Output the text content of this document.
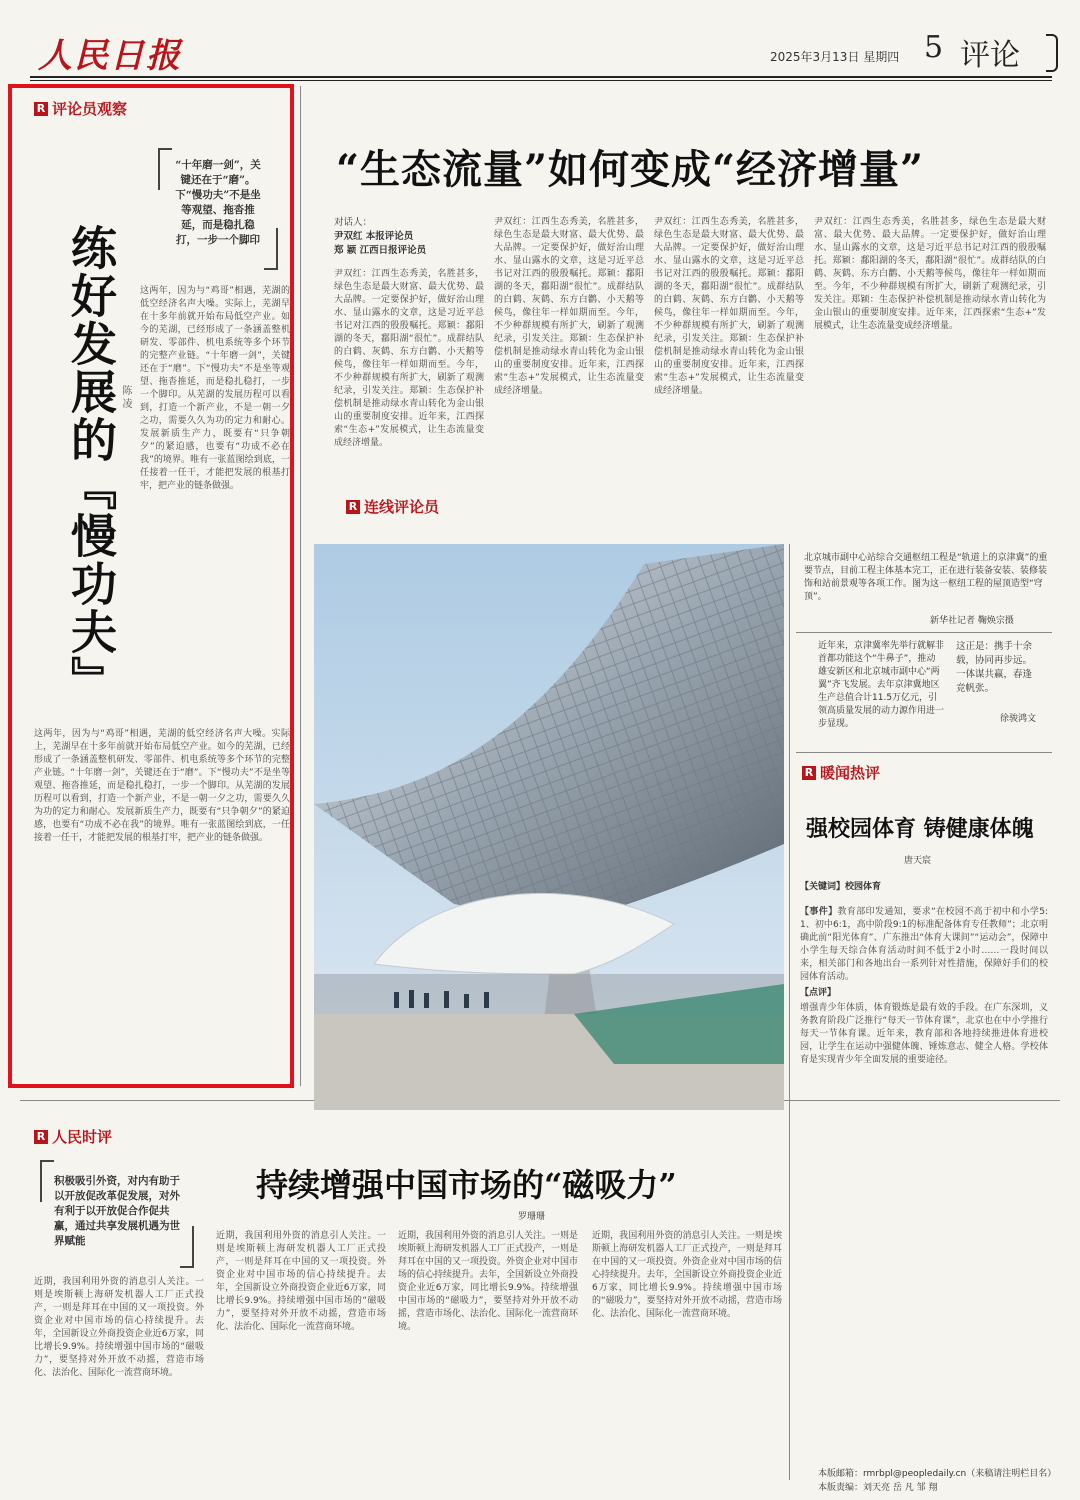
人民日报	2025年3月13日 星期四 5 评论
R 评论员观察
练好发展的『慢功夫』 陈 凌
“十年磨一剑”，关键还在于“磨”。下“慢功夫”不是坐等观望、拖沓推延，而是稳扎稳打，一步一个脚印
这两年，因为与“鸡哥”相遇，芜湖的低空经济名声大噪。实际上，芜湖早在十多年前就开始布局低空产业。如今的芜湖，已经形成了一条涵盖整机研发、零部件、机电系统等多个环节的完整产业链。“十年磨一剑”，关键还在于“磨”。下“慢功夫”不是坐等观望、拖沓推延，而是稳扎稳打，一步一个脚印。从芜湖的发展历程可以看到，打造一个新产业，不是一朝一夕之功，需要久久为功的定力和耐心。发展新质生产力，既要有“只争朝夕”的紧迫感，也要有“功成不必在我”的境界。唯有一张蓝图绘到底，一任接着一任干，才能把发展的根基打牢，把产业的链条做强。
这两年，因为与“鸡哥”相遇，芜湖的低空经济名声大噪。实际上，芜湖早在十多年前就开始布局低空产业。如今的芜湖，已经形成了一条涵盖整机研发、零部件、机电系统等多个环节的完整产业链。“十年磨一剑”，关键还在于“磨”。下“慢功夫”不是坐等观望、拖沓推延，而是稳扎稳打，一步一个脚印。从芜湖的发展历程可以看到，打造一个新产业，不是一朝一夕之功，需要久久为功的定力和耐心。发展新质生产力，既要有“只争朝夕”的紧迫感，也要有“功成不必在我”的境界。唯有一张蓝图绘到底，一任接着一任干，才能把发展的根基打牢，把产业的链条做强。
“生态流量”如何变成“经济增量”
对话人：
尹双红 本报评论员
郑 颖 江西日报评论员
尹双红：江西生态秀美，名胜甚多，绿色生态是最大财富、最大优势、最大品牌。一定要保护好，做好治山理水、显山露水的文章，这是习近平总书记对江西的殷殷嘱托。郑颖：鄱阳湖的冬天，鄱阳湖“很忙”。成群结队的白鹤、灰鹤、东方白鹳、小天鹅等候鸟，像往年一样如期而至。今年，不少种群规模有所扩大，刷新了观测纪录，引发关注。郑颖：生态保护补偿机制是推动绿水青山转化为金山银山的重要制度安排。近年来，江西探索“生态+”发展模式，让生态流量变成经济增量。
尹双红：江西生态秀美，名胜甚多，绿色生态是最大财富、最大优势、最大品牌。一定要保护好，做好治山理水、显山露水的文章，这是习近平总书记对江西的殷殷嘱托。郑颖：鄱阳湖的冬天，鄱阳湖“很忙”。成群结队的白鹤、灰鹤、东方白鹳、小天鹅等候鸟，像往年一样如期而至。今年，不少种群规模有所扩大，刷新了观测纪录，引发关注。郑颖：生态保护补偿机制是推动绿水青山转化为金山银山的重要制度安排。近年来，江西探索“生态+”发展模式，让生态流量变成经济增量。
尹双红：江西生态秀美，名胜甚多，绿色生态是最大财富、最大优势、最大品牌。一定要保护好，做好治山理水、显山露水的文章，这是习近平总书记对江西的殷殷嘱托。郑颖：鄱阳湖的冬天，鄱阳湖“很忙”。成群结队的白鹤、灰鹤、东方白鹳、小天鹅等候鸟，像往年一样如期而至。今年，不少种群规模有所扩大，刷新了观测纪录，引发关注。郑颖：生态保护补偿机制是推动绿水青山转化为金山银山的重要制度安排。近年来，江西探索“生态+”发展模式，让生态流量变成经济增量。
尹双红：江西生态秀美，名胜甚多，绿色生态是最大财富、最大优势、最大品牌。一定要保护好，做好治山理水、显山露水的文章，这是习近平总书记对江西的殷殷嘱托。郑颖：鄱阳湖的冬天，鄱阳湖“很忙”。成群结队的白鹤、灰鹤、东方白鹳、小天鹅等候鸟，像往年一样如期而至。今年，不少种群规模有所扩大，刷新了观测纪录，引发关注。郑颖：生态保护补偿机制是推动绿水青山转化为金山银山的重要制度安排。近年来，江西探索“生态+”发展模式，让生态流量变成经济增量。
R 连线评论员
北京城市副中心站综合交通枢纽工程是“轨道上的京津冀”的重要节点，目前工程主体基本完工，正在进行装备安装、装修装饰和站前景观等各项工作。图为这一枢纽工程的屋顶造型“穹顶”。
新华社记者 鞠焕宗摄
近年来，京津冀率先举行就解非首都功能这个“牛鼻子”，推动雄安新区和北京城市副中心“两翼”齐飞发展。去年京津冀地区生产总值合计11.5万亿元，引领高质量发展的动力源作用进一步显现。
这正是：携手十余载，协同再步远。一体谋共赢，春逢竞帆张。
徐骏鸿文
R 暖闻热评
强校园体育 铸健康体魄
唐天宸
【关键词】校园体育
【事件】教育部印发通知，要求“在校园不高于初中和小学5:1、初中6:1，高中阶段9:1的标准配备体育专任教师”；北京明确此前“阳光体育”、广东推出“体育大课间”“运动会”，保障中小学生每天综合体育活动时间不低于2小时……一段时间以来，相关部门和各地出台一系列针对性措施，保障好手们的校园体育活动。
【点评】
增强青少年体质，体育锻炼是最有效的手段。在广东深圳，义务教育阶段广泛推行“每天一节体育课”，北京也在中小学推行每天一节体育课。近年来，教育部和各地持续推进体育进校园，让学生在运动中强健体魄、锤炼意志、健全人格。学校体育是实现青少年全面发展的重要途径。
R 人民时评
积极吸引外资，对内有助于以开放促改革促发展，对外有利于以开放促合作促共赢，通过共享发展机遇为世界赋能
持续增强中国市场的“磁吸力”
罗珊珊
近期，我国利用外资的消息引人关注。一则是埃斯顿上海研发机器人工厂正式投产，一则是拜耳在中国的又一项投资。外资企业对中国市场的信心持续提升。去年，全国新设立外商投资企业近6万家，同比增长9.9%。持续增强中国市场的“磁吸力”，要坚持对外开放不动摇，营造市场化、法治化、国际化一流营商环境。
近期，我国利用外资的消息引人关注。一则是埃斯顿上海研发机器人工厂正式投产，一则是拜耳在中国的又一项投资。外资企业对中国市场的信心持续提升。去年，全国新设立外商投资企业近6万家，同比增长9.9%。持续增强中国市场的“磁吸力”，要坚持对外开放不动摇，营造市场化、法治化、国际化一流营商环境。
近期，我国利用外资的消息引人关注。一则是埃斯顿上海研发机器人工厂正式投产，一则是拜耳在中国的又一项投资。外资企业对中国市场的信心持续提升。去年，全国新设立外商投资企业近6万家，同比增长9.9%。持续增强中国市场的“磁吸力”，要坚持对外开放不动摇，营造市场化、法治化、国际化一流营商环境。
近期，我国利用外资的消息引人关注。一则是埃斯顿上海研发机器人工厂正式投产，一则是拜耳在中国的又一项投资。外资企业对中国市场的信心持续提升。去年，全国新设立外商投资企业近6万家，同比增长9.9%。持续增强中国市场的“磁吸力”，要坚持对外开放不动摇，营造市场化、法治化、国际化一流营商环境。
本版邮箱：rmrbpl@peopledaily.cn（来稿请注明栏目名）
本版责编：刘天亮 岳 凡 邹 翔
